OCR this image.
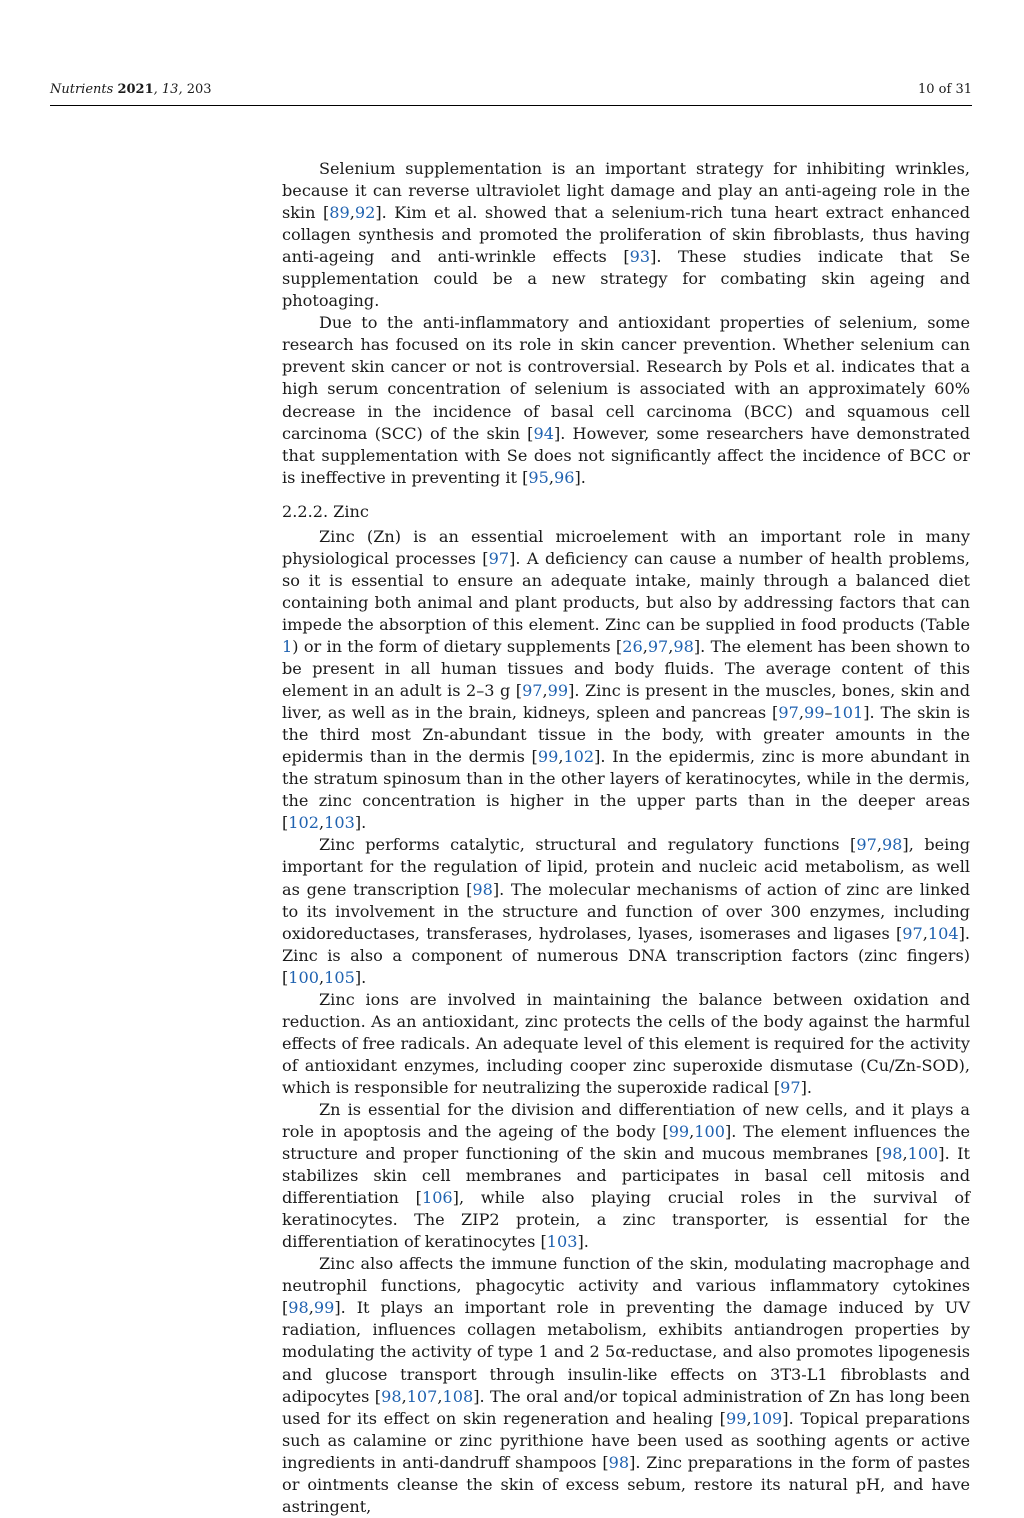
Nutrients 2021, 13, 203	10 of 31

Selenium supplementation is an important strategy for inhibiting wrinkles, because it can reverse ultraviolet light damage and play an anti-ageing role in the skin [89,92]. Kim et al. showed that a selenium-rich tuna heart extract enhanced collagen synthesis and promoted the proliferation of skin fibroblasts, thus having anti-ageing and anti-wrinkle effects [93]. These studies indicate that Se supplementation could be a new strategy for combating skin ageing and photoaging.

Due to the anti-inflammatory and antioxidant properties of selenium, some research has focused on its role in skin cancer prevention. Whether selenium can prevent skin cancer or not is controversial. Research by Pols et al. indicates that a high serum concentration of selenium is associated with an approximately 60% decrease in the incidence of basal cell carcinoma (BCC) and squamous cell carcinoma (SCC) of the skin [94]. However, some researchers have demonstrated that supplementation with Se does not significantly affect the incidence of BCC or is ineffective in preventing it [95,96].

2.2.2. Zinc

Zinc (Zn) is an essential microelement with an important role in many physiological processes [97]. A deficiency can cause a number of health problems, so it is essential to ensure an adequate intake, mainly through a balanced diet containing both animal and plant products, but also by addressing factors that can impede the absorption of this element. Zinc can be supplied in food products (Table 1) or in the form of dietary supplements [26,97,98]. The element has been shown to be present in all human tissues and body fluids. The average content of this element in an adult is 2–3 g [97,99]. Zinc is present in the muscles, bones, skin and liver, as well as in the brain, kidneys, spleen and pancreas [97,99–101]. The skin is the third most Zn-abundant tissue in the body, with greater amounts in the epidermis than in the dermis [99,102]. In the epidermis, zinc is more abundant in the stratum spinosum than in the other layers of keratinocytes, while in the dermis, the zinc concentration is higher in the upper parts than in the deeper areas [102,103].

Zinc performs catalytic, structural and regulatory functions [97,98], being important for the regulation of lipid, protein and nucleic acid metabolism, as well as gene transcription [98]. The molecular mechanisms of action of zinc are linked to its involvement in the structure and function of over 300 enzymes, including oxidoreductases, transferases, hydrolases, lyases, isomerases and ligases [97,104]. Zinc is also a component of numerous DNA transcription factors (zinc fingers) [100,105].

Zinc ions are involved in maintaining the balance between oxidation and reduction. As an antioxidant, zinc protects the cells of the body against the harmful effects of free radicals. An adequate level of this element is required for the activity of antioxidant enzymes, including cooper zinc superoxide dismutase (Cu/Zn-SOD), which is responsible for neutralizing the superoxide radical [97].

Zn is essential for the division and differentiation of new cells, and it plays a role in apoptosis and the ageing of the body [99,100]. The element influences the structure and proper functioning of the skin and mucous membranes [98,100]. It stabilizes skin cell membranes and participates in basal cell mitosis and differentiation [106], while also playing crucial roles in the survival of keratinocytes. The ZIP2 protein, a zinc transporter, is essential for the differentiation of keratinocytes [103].

Zinc also affects the immune function of the skin, modulating macrophage and neutrophil functions, phagocytic activity and various inflammatory cytokines [98,99]. It plays an important role in preventing the damage induced by UV radiation, influences collagen metabolism, exhibits antiandrogen properties by modulating the activity of type 1 and 2 5α-reductase, and also promotes lipogenesis and glucose transport through insulin-like effects on 3T3-L1 fibroblasts and adipocytes [98,107,108]. The oral and/or topical administration of Zn has long been used for its effect on skin regeneration and healing [99,109]. Topical preparations such as calamine or zinc pyrithione have been used as soothing agents or active ingredients in anti-dandruff shampoos [98]. Zinc preparations in the form of pastes or ointments cleanse the skin of excess sebum, restore its natural pH, and have astringent,
